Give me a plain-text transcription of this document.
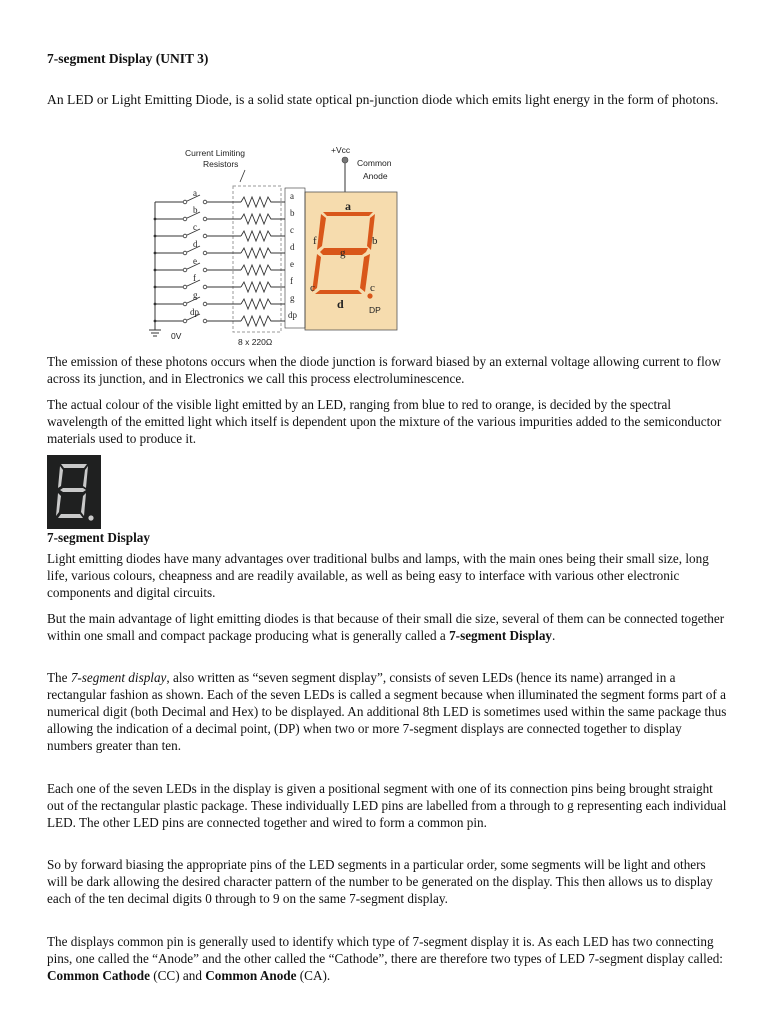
7-segment Display (UNIT 3)

An LED or Light Emitting Diode, is a solid state optical pn-junction diode which emits light energy in the form of photons.

Current Limiting
Resistors
+Vcc
Common
Anode
a
b
f
g
c
c
d	DP
0V
8 x 220Ω
a
b
c
d
e
f
g
dp
a
b
c
d
e
f
g
dp

The emission of these photons occurs when the diode junction is forward biased by an external voltage allowing current to flow across its junction, and in Electronics we call this process electroluminescence.

The actual colour of the visible light emitted by an LED, ranging from blue to red to orange, is decided by the spectral wavelength of the emitted light which itself is dependent upon the mixture of the various impurities added to the semiconductor materials used to produce it.

7-segment Display

Light emitting diodes have many advantages over traditional bulbs and lamps, with the main ones being their small size, long life, various colours, cheapness and are readily available, as well as being easy to interface with various other electronic components and digital circuits.

But the main advantage of light emitting diodes is that because of their small die size, several of them can be connected together within one small and compact package producing what is generally called a 7-segment Display.

The 7-segment display, also written as “seven segment display”, consists of seven LEDs (hence its name) arranged in a rectangular fashion as shown. Each of the seven LEDs is called a segment because when illuminated the segment forms part of a numerical digit (both Decimal and Hex) to be displayed. An additional 8th LED is sometimes used within the same package thus allowing the indication of a decimal point, (DP) when two or more 7-segment displays are connected together to display numbers greater than ten.

Each one of the seven LEDs in the display is given a positional segment with one of its connection pins being brought straight out of the rectangular plastic package. These individually LED pins are labelled from a through to g representing each individual LED. The other LED pins are connected together and wired to form a common pin.

So by forward biasing the appropriate pins of the LED segments in a particular order, some segments will be light and others will be dark allowing the desired character pattern of the number to be generated on the display. This then allows us to display each of the ten decimal digits 0 through to 9 on the same 7-segment display.

The displays common pin is generally used to identify which type of 7-segment display it is. As each LED has two connecting pins, one called the “Anode” and the other called the “Cathode”, there are therefore two types of LED 7-segment display called: Common Cathode (CC) and Common Anode (CA).
